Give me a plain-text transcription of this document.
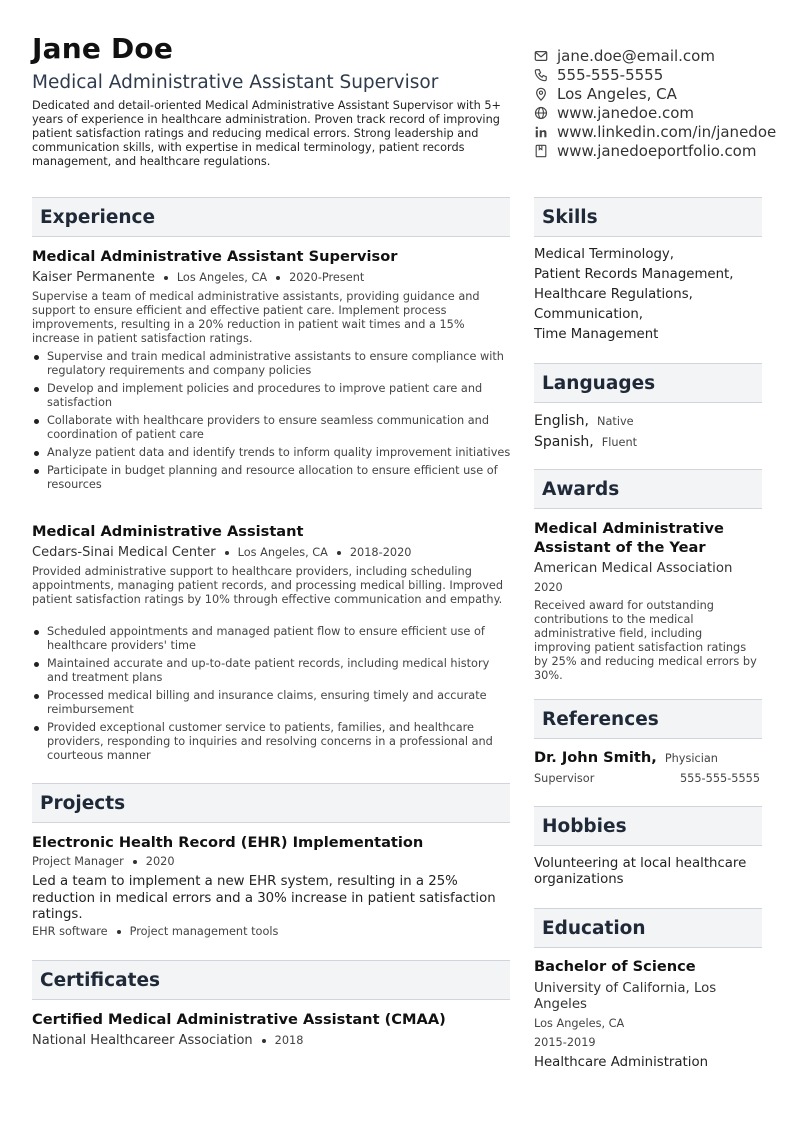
Jane Doe
Medical Administrative Assistant Supervisor
Dedicated and detail-oriented Medical Administrative Assistant Supervisor with 5+ years of experience in healthcare administration. Proven track record of improving patient satisfaction ratings and reducing medical errors. Strong leadership and communication skills, with expertise in medical terminology, patient records management, and healthcare regulations.
jane.doe@email.com
555-555-5555
Los Angeles, CA
www.janedoe.com
www.linkedin.com/in/janedoe
www.janedoeportfolio.com
Experience
Medical Administrative Assistant Supervisor
Kaiser Permanente Los Angeles, CA 2020-Present
Supervise a team of medical administrative assistants, providing guidance and support to ensure efficient and effective patient care. Implement process improvements, resulting in a 20% reduction in patient wait times and a 15% increase in patient satisfaction ratings.
Supervise and train medical administrative assistants to ensure compliance with regulatory requirements and company policies
Develop and implement policies and procedures to improve patient care and satisfaction
Collaborate with healthcare providers to ensure seamless communication and coordination of patient care
Analyze patient data and identify trends to inform quality improvement initiatives
Participate in budget planning and resource allocation to ensure efficient use of resources
Medical Administrative Assistant
Cedars-Sinai Medical Center Los Angeles, CA 2018-2020
Provided administrative support to healthcare providers, including scheduling appointments, managing patient records, and processing medical billing. Improved patient satisfaction ratings by 10% through effective communication and empathy.
Scheduled appointments and managed patient flow to ensure efficient use of healthcare providers' time
Maintained accurate and up-to-date patient records, including medical history and treatment plans
Processed medical billing and insurance claims, ensuring timely and accurate reimbursement
Provided exceptional customer service to patients, families, and healthcare providers, responding to inquiries and resolving concerns in a professional and courteous manner
Projects
Electronic Health Record (EHR) Implementation
Project Manager 2020
Led a team to implement a new EHR system, resulting in a 25% reduction in medical errors and a 30% increase in patient satisfaction ratings.
EHR software Project management tools
Certificates
Certified Medical Administrative Assistant (CMAA)
National Healthcareer Association 2018
Skills
Medical Terminology,
Patient Records Management,
Healthcare Regulations,
Communication,
Time Management
Languages
English, Native
Spanish, Fluent
Awards
Medical Administrative Assistant of the Year
American Medical Association
2020
Received award for outstanding contributions to the medical administrative field, including improving patient satisfaction ratings by 25% and reducing medical errors by 30%.
References
Dr. John Smith, Physician
Supervisor	555-555-5555
Hobbies
Volunteering at local healthcare organizations
Education
Bachelor of Science
University of California, Los Angeles
Los Angeles, CA
2015-2019
Healthcare Administration
